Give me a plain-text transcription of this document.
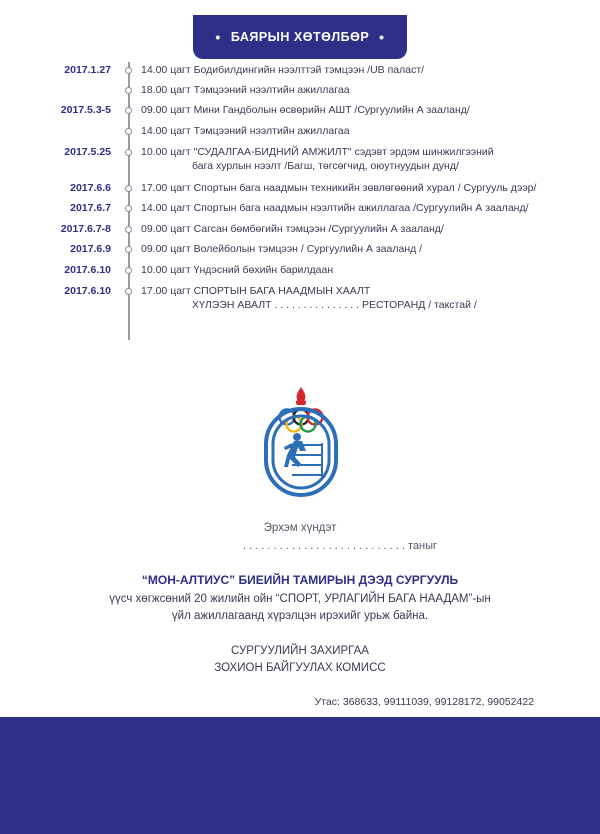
• БАЯРЫН ХӨТӨЛБӨР •
2017.1.27	14.00 цагт Бодибилдингийн нээлттэй тэмцээн /UB паласт/
18.00 цагт Тэмцээний нээлтийн ажиллагаа
2017.5.3-5	09.00 цагт Мини Гандболын өсвөрийн АШТ /Сургуулийн А зааланд/
14.00 цагт Тэмцээний нээлтийн ажиллагаа
2017.5.25	10.00 цагт "СУДАЛГАА-БИДНИЙ АМЖИЛТ" сэдэвт эрдэм шинжилгээний
бага хурлын нээлт /Багш, төгсөгчид, оюутнуудын дунд/
2017.6.6	17.00 цагт Спортын бага наадмын техникийн зөвлөгөөний хурал / Сургууль дээр/
2017.6.7	14.00 цагт Спортын бага наадмын нээлтийн ажиллагаа /Сургуулийн А зааланд/
2017.6.7-8	09.00 цагт Сагсан бөмбөгийн тэмцээн /Сургуулийн А зааланд/
2017.6.9	09.00 цагт Волейболын тэмцээн / Сургуулийн А зааланд /
2017.6.10	10.00 цагт Үндэсний бөхийн барилдаан
2017.6.10	17.00 цагт СПОРТЫН БАГА НААДМЫН ХААЛТ
ХҮЛЭЭН АВАЛТ . . . . . . . . . . . . . . . РЕСТОРАНД / такстай /
Эрхэм хүндэт
. . . . . . . . . . . . . . . . . . . . . . . . . . . таныг
“МОН-АЛТИУС” БИЕИЙН ТАМИРЫН ДЭЭД СУРГУУЛЬ
үүсч хөгжсөний 20 жилийн ойн “СПОРТ, УРЛАГИЙН БАГА НААДАМ”-ын
үйл ажиллагаанд хүрэлцэн ирэхийг урьж байна.
СУРГУУЛИЙН ЗАХИРГАА
ЗОХИОН БАЙГУУЛАХ КОМИСС
Утас: 368633, 99111039, 99128172, 99052422
